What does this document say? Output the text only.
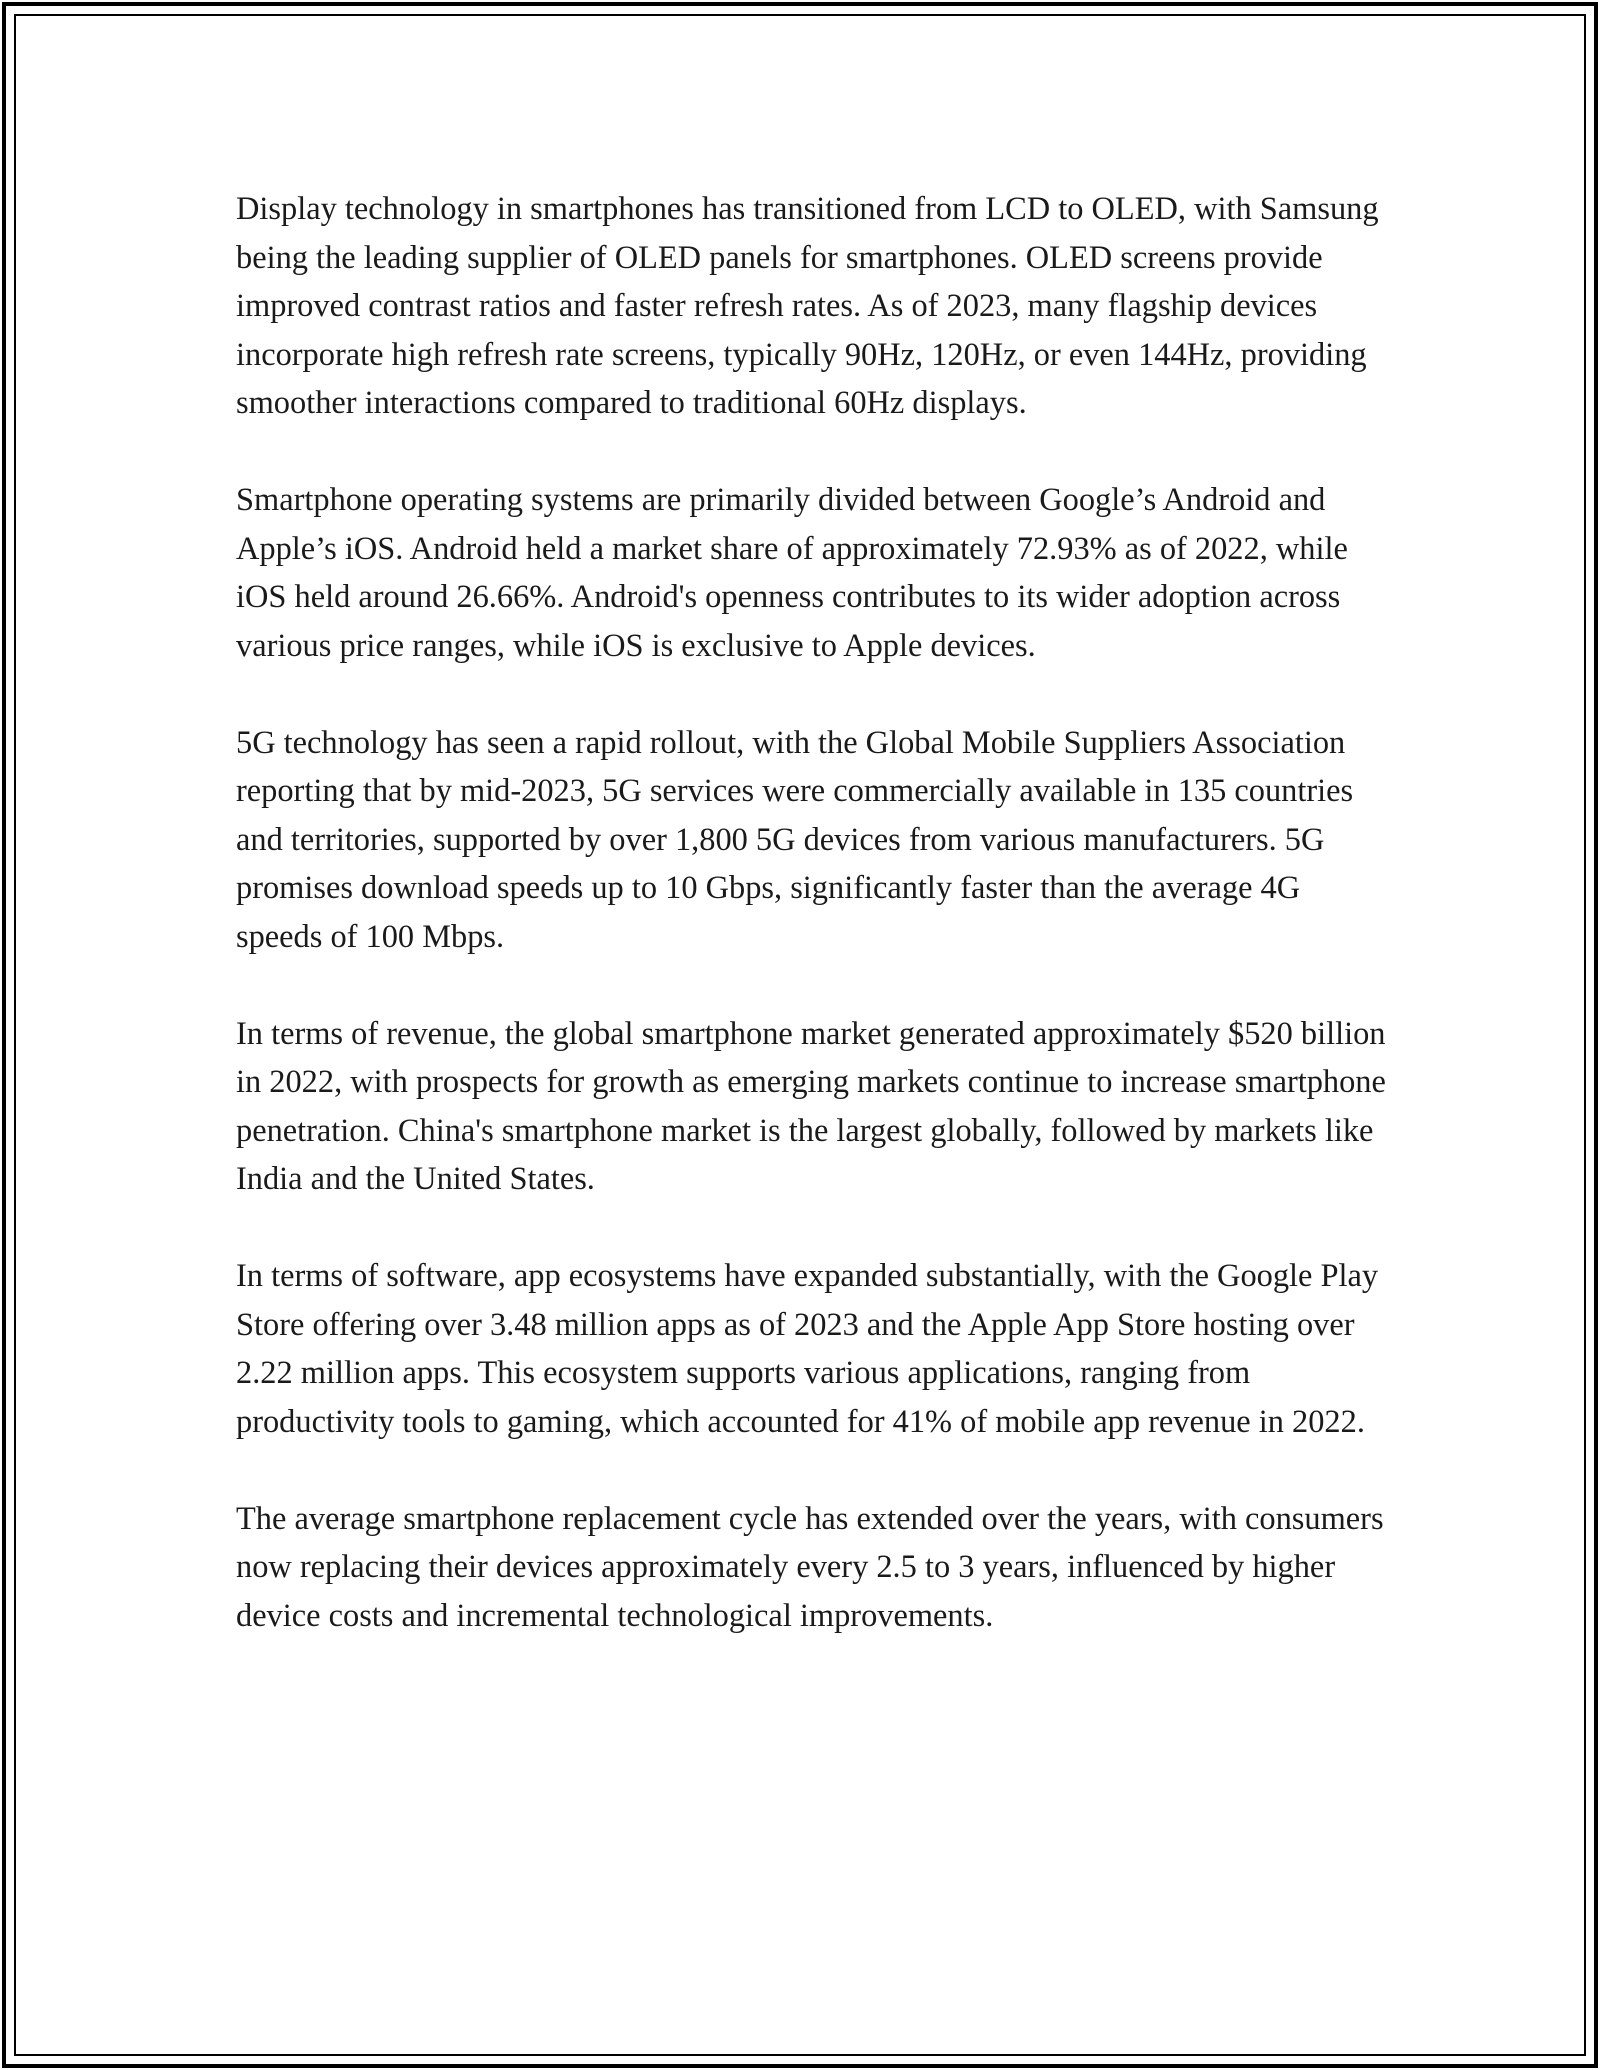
Display technology in smartphones has transitioned from LCD to OLED, with Samsung being the leading supplier of OLED panels for smartphones. OLED screens provide improved contrast ratios and faster refresh rates. As of 2023, many flagship devices incorporate high refresh rate screens, typically 90Hz, 120Hz, or even 144Hz, providing smoother interactions compared to traditional 60Hz displays.

Smartphone operating systems are primarily divided between Google’s Android and Apple’s iOS. Android held a market share of approximately 72.93% as of 2022, while iOS held around 26.66%. Android's openness contributes to its wider adoption across various price ranges, while iOS is exclusive to Apple devices.

5G technology has seen a rapid rollout, with the Global Mobile Suppliers Association reporting that by mid-2023, 5G services were commercially available in 135 countries and territories, supported by over 1,800 5G devices from various manufacturers. 5G promises download speeds up to 10 Gbps, significantly faster than the average 4G speeds of 100 Mbps.

In terms of revenue, the global smartphone market generated approximately $520 billion in 2022, with prospects for growth as emerging markets continue to increase smartphone penetration. China's smartphone market is the largest globally, followed by markets like India and the United States.

In terms of software, app ecosystems have expanded substantially, with the Google Play Store offering over 3.48 million apps as of 2023 and the Apple App Store hosting over 2.22 million apps. This ecosystem supports various applications, ranging from productivity tools to gaming, which accounted for 41% of mobile app revenue in 2022.

The average smartphone replacement cycle has extended over the years, with consumers now replacing their devices approximately every 2.5 to 3 years, influenced by higher device costs and incremental technological improvements.
